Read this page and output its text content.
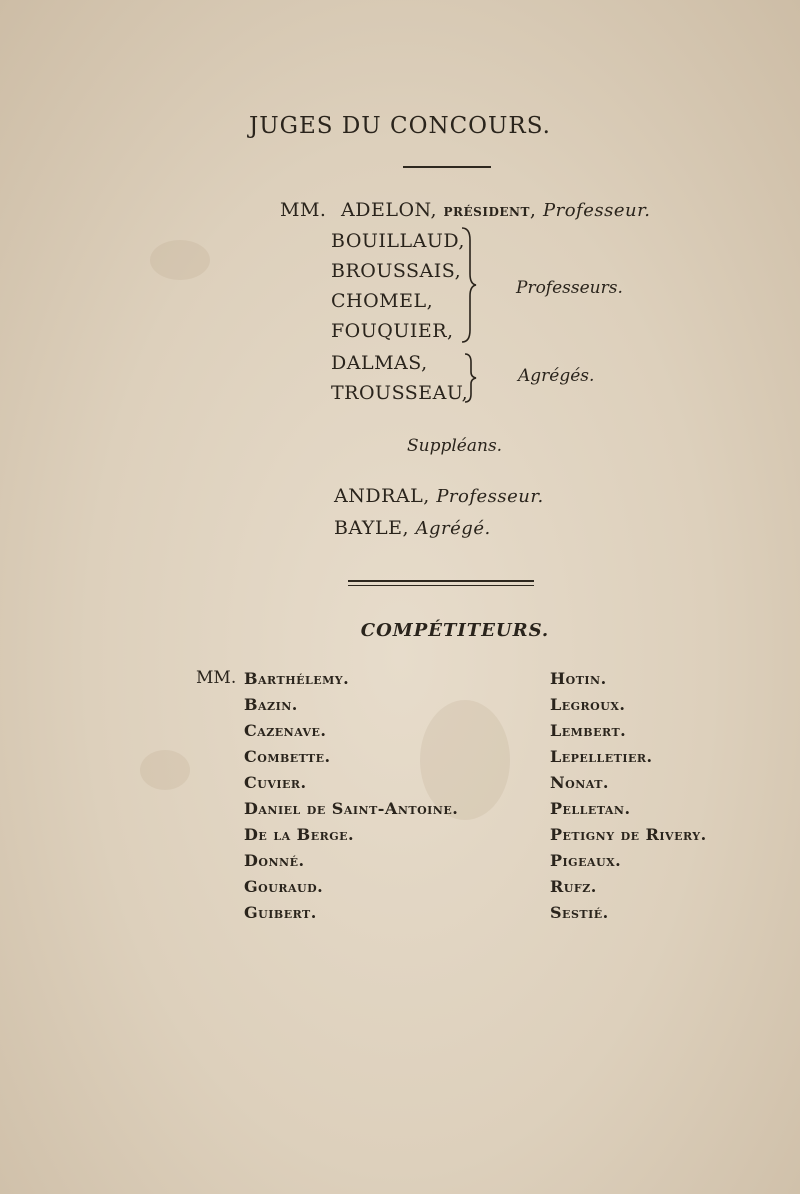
JUGES DU CONCOURS.
MM. ADELON, PRÉSIDENT, Professeur.
BOUILLAUD,
BROUSSAIS,
CHOMEL,
FOUQUIER,
Professeurs.
DALMAS,
TROUSSEAU,
Agrégés.
Suppléans.
ANDRAL, Professeur.
BAYLE, Agrégé.
COMPÉTITEURS.
MM. Barthélemy.
Bazin.
Cazenave.
Combette.
Cuvier.
Daniel de Saint-Antoine.
De la Berge.
Donné.
Gouraud.
Guibert.
Hotin.
Legroux.
Lembert.
Lepelletier.
Nonat.
Pelletan.
Petigny de Rivery.
Pigeaux.
Rufz.
Sestié.
